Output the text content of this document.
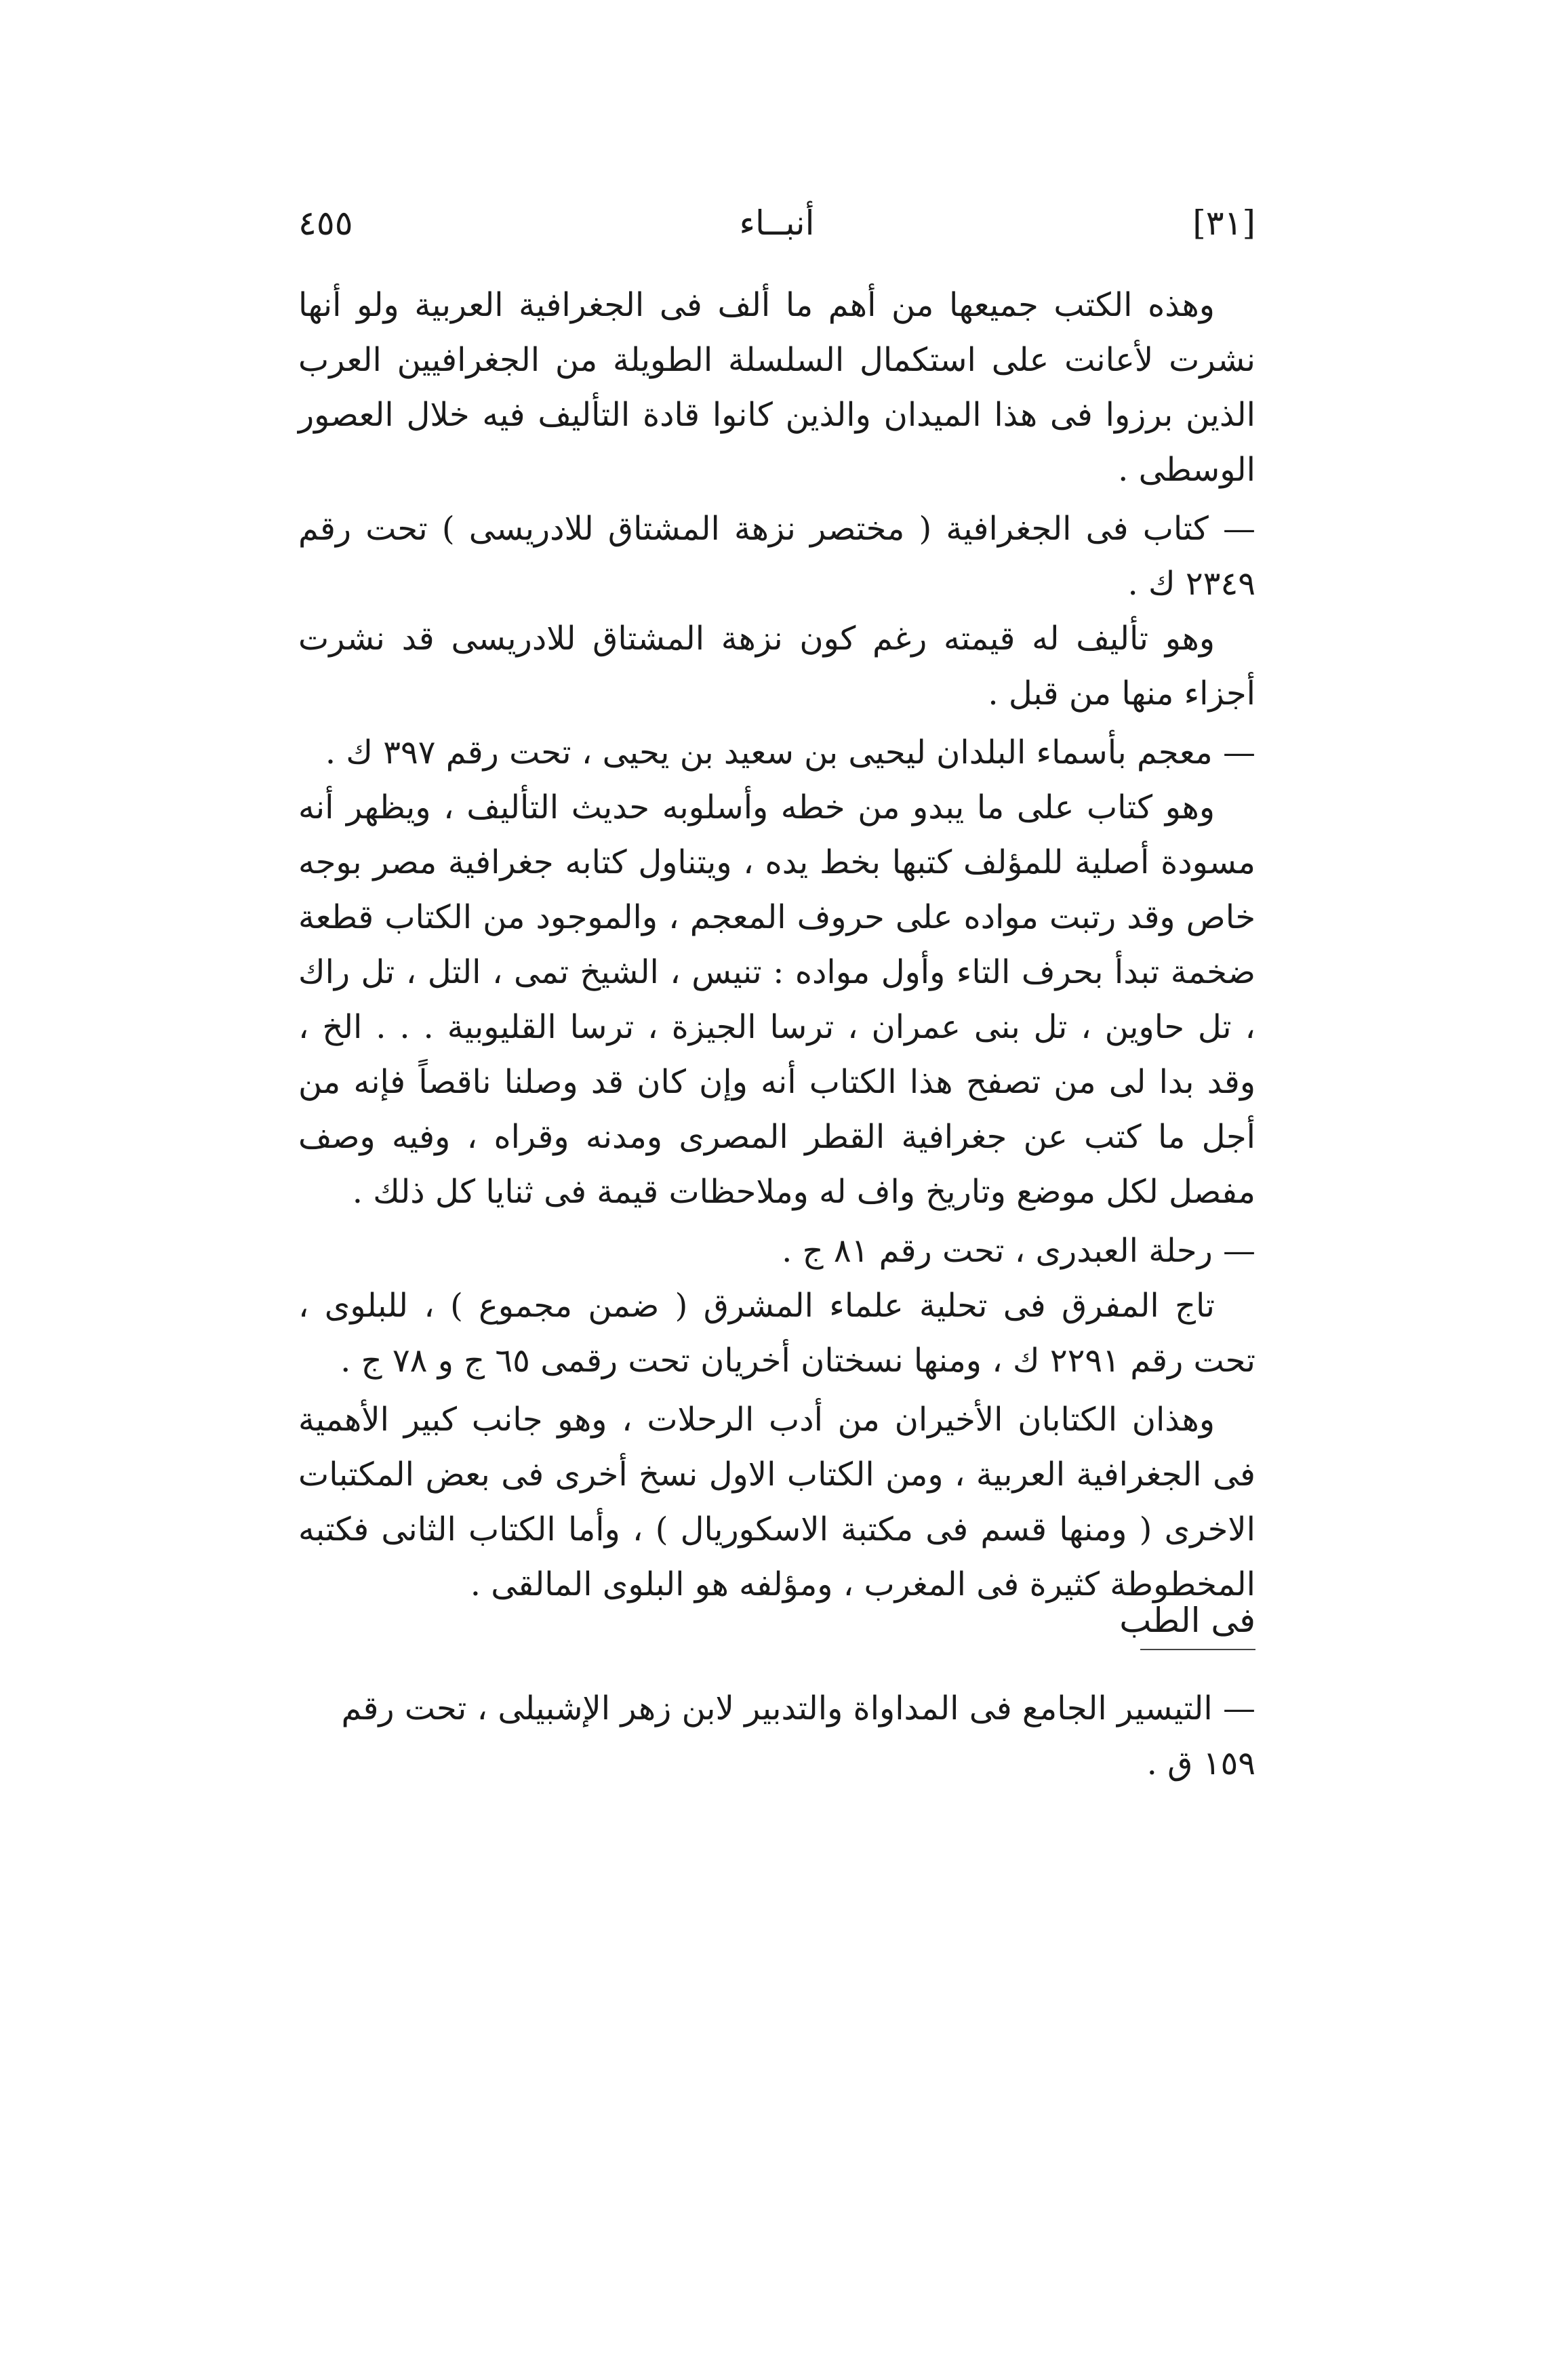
[٣١]
أنبــاء
٤٥٥

وهذه الكتب جميعها من أهم ما ألف فى الجغرافية العربية ولو أنها نشرت لأعانت على استكمال السلسلة الطويلة من الجغرافيين العرب الذين برزوا فى هذا الميدان والذين كانوا قادة التأليف فيه خلال العصور الوسطى .

— كتاب فى الجغرافية ( مختصر نزهة المشتاق للادريسى ) تحت رقم ٢٣٤٩ ك .

وهو تأليف له قيمته رغم كون نزهة المشتاق للادريسى قد نشرت أجزاء منها من قبل .

— معجم بأسماء البلدان ليحيى بن سعيد بن يحيى ، تحت رقم ٣٩٧ ك .

وهو كتاب على ما يبدو من خطه وأسلوبه حديث التأليف ، ويظهر أنه مسودة أصلية للمؤلف كتبها بخط يده ، ويتناول كتابه جغرافية مصر بوجه خاص وقد رتبت مواده على حروف المعجم ، والموجود من الكتاب قطعة ضخمة تبدأ بحرف التاء وأول مواده : تنيس ، الشيخ تمى ، التل ، تل راك ، تل حاوين ، تل بنى عمران ، ترسا الجيزة ، ترسا القليوبية . . . الخ ، وقد بدا لى من تصفح هذا الكتاب أنه وإن كان قد وصلنا ناقصاً فإنه من أجل ما كتب عن جغرافية القطر المصرى ومدنه وقراه ، وفيه وصف مفصل لكل موضع وتاريخ واف له وملاحظات قيمة فى ثنايا كل ذلك .

— رحلة العبدرى ، تحت رقم ٨١ ج .

تاج المفرق فى تحلية علماء المشرق ( ضمن مجموع ) ، للبلوى ، تحت رقم ٢٢٩١ ك ، ومنها نسختان أخريان تحت رقمى ٦٥ ج و ٧٨ ج .

وهذان الكتابان الأخيران من أدب الرحلات ، وهو جانب كبير الأهمية فى الجغرافية العربية ، ومن الكتاب الاول نسخ أخرى فى بعض المكتبات الاخرى ( ومنها قسم فى مكتبة الاسكوريال ) ، وأما الكتاب الثانى فكتبه المخطوطة كثيرة فى المغرب ، ومؤلفه هو البلوى المالقى .

فى الطب
— التيسير الجامع فى المداواة والتدبير لابن زهر الإشبيلى ، تحت رقم ١٥٩ ق .
